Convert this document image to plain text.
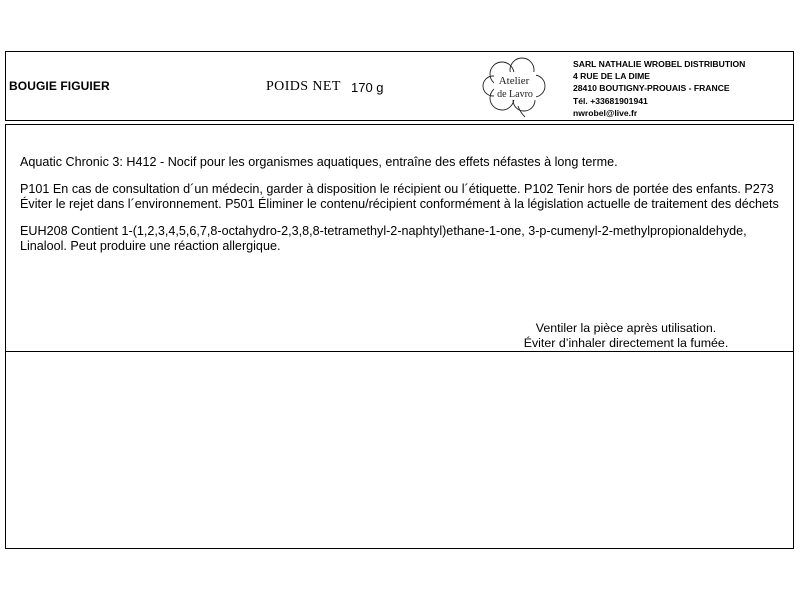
BOUGIE FIGUIER	POIDS NET 170 g	Atelier
de Lavro
SARL NATHALIE WROBEL DISTRIBUTION
4 RUE DE LA DIME
28410 BOUTIGNY-PROUAIS - FRANCE
Tél. +33681901941
nwrobel@live.fr

Aquatic Chronic 3: H412 - Nocif pour les organismes aquatiques, entraîne des effets néfastes à long terme.

P101 En cas de consultation d´un médecin, garder à disposition le récipient ou l´étiquette. P102 Tenir hors de portée des enfants. P273 Éviter le rejet dans l´environnement. P501 Éliminer le contenu/récipient conformément à la législation actuelle de traitement des déchets

EUH208 Contient 1-(1,2,3,4,5,6,7,8-octahydro-2,3,8,8-tetramethyl-2-naphtyl)ethane-1-one, 3-p-cumenyl-2-methylpropionaldehyde, Linalool. Peut produire une réaction allergique.

Ventiler la pièce après utilisation.
Éviter d’inhaler directement la fumée.
